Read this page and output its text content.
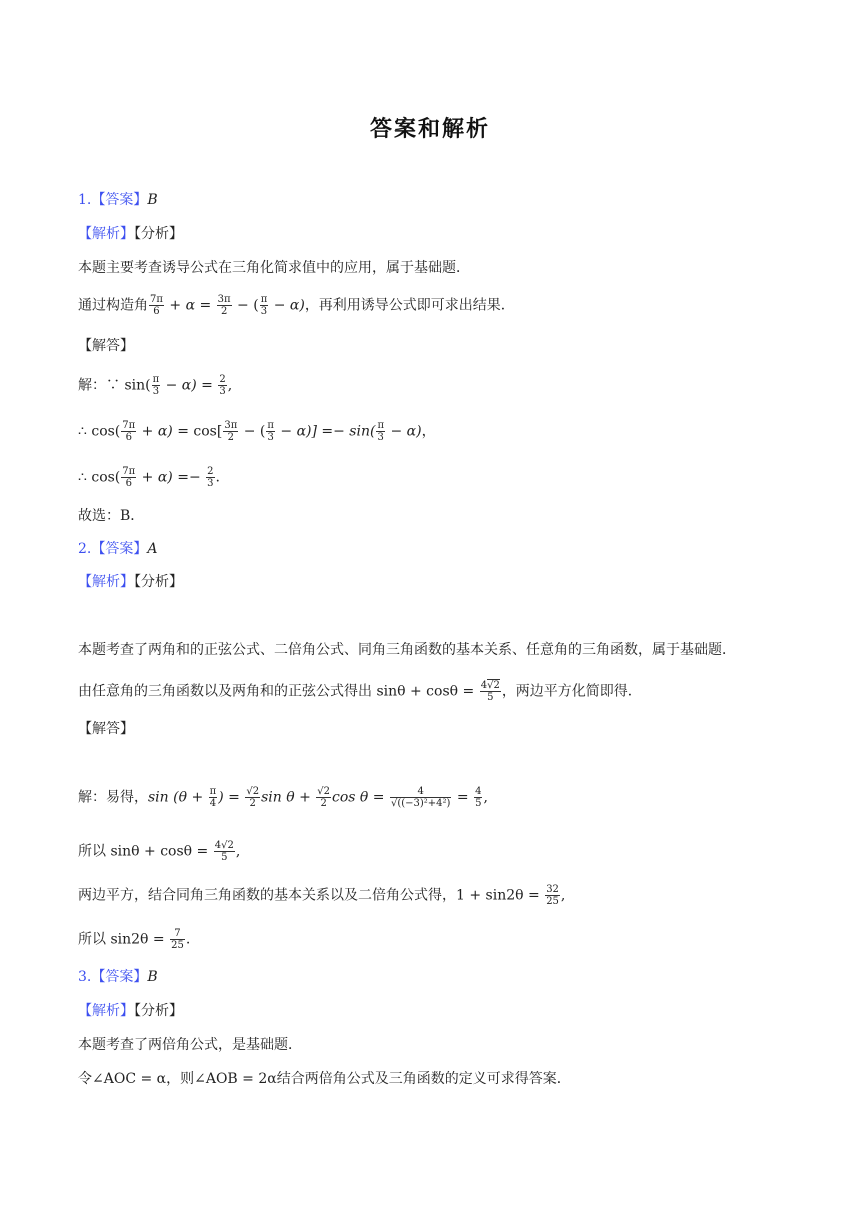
答案和解析
1.【答案】B
【解析】【分析】
本题主要考查诱导公式在三角化简求值中的应用，属于基础题．
通过构造角 $\frac{7\pi}{6} + \alpha = \frac{3\pi}{2}$ − ( $\frac{\pi}{3} - \alpha$)，再利用诱导公式即可求出结果．
【解答】
解：∵ $\sin( \frac{\pi}{3} - \alpha) = \frac{2}{3}$ ,
∴ $\cos( \frac{7\pi}{6} + \alpha) = \cos[ \frac{3\pi}{2}$ − ( $\frac{\pi}{3} - \alpha)] =- \sin( \frac{\pi}{3} - \alpha)$，
∴ $\cos( \frac{7\pi}{6} + \alpha) =- \frac{2}{3}$ .
故选：B．
2.【答案】A
【解析】【分析】
本题考查了两角和的正弦公式、二倍角公式、同角三角函数的基本关系、任意角的三角函数，属于基础题．
由任意角的三角函数以及两角和的正弦公式得出 $\sin\theta + \cos\theta = \frac{4√2}{5}$ ，两边平方化简即得．
【解答】
解：易得，$\sin (\theta + \frac{\pi}{4}$ ) = $\frac{√2}{2}$ $\sin \theta + \frac{√2}{2}$ $\cos \theta = \frac{4}{\text{√((−3)²+4²)}} = \frac{4}{5}$ ,
所以 $\sin\theta + \cos\theta = \frac{4√2}{5}$ ,
两边平方，结合同角三角函数的基本关系以及二倍角公式得，$1 + \sin 2\theta = \frac{32}{25}$ ,
所以 $\sin 2\theta = \frac{7}{25}$ .
3.【答案】B
【解析】【分析】
本题考查了两倍角公式，是基础题．
令∠AOC = α，则∠AOB = 2α结合两倍角公式及三角函数的定义可求得答案．
